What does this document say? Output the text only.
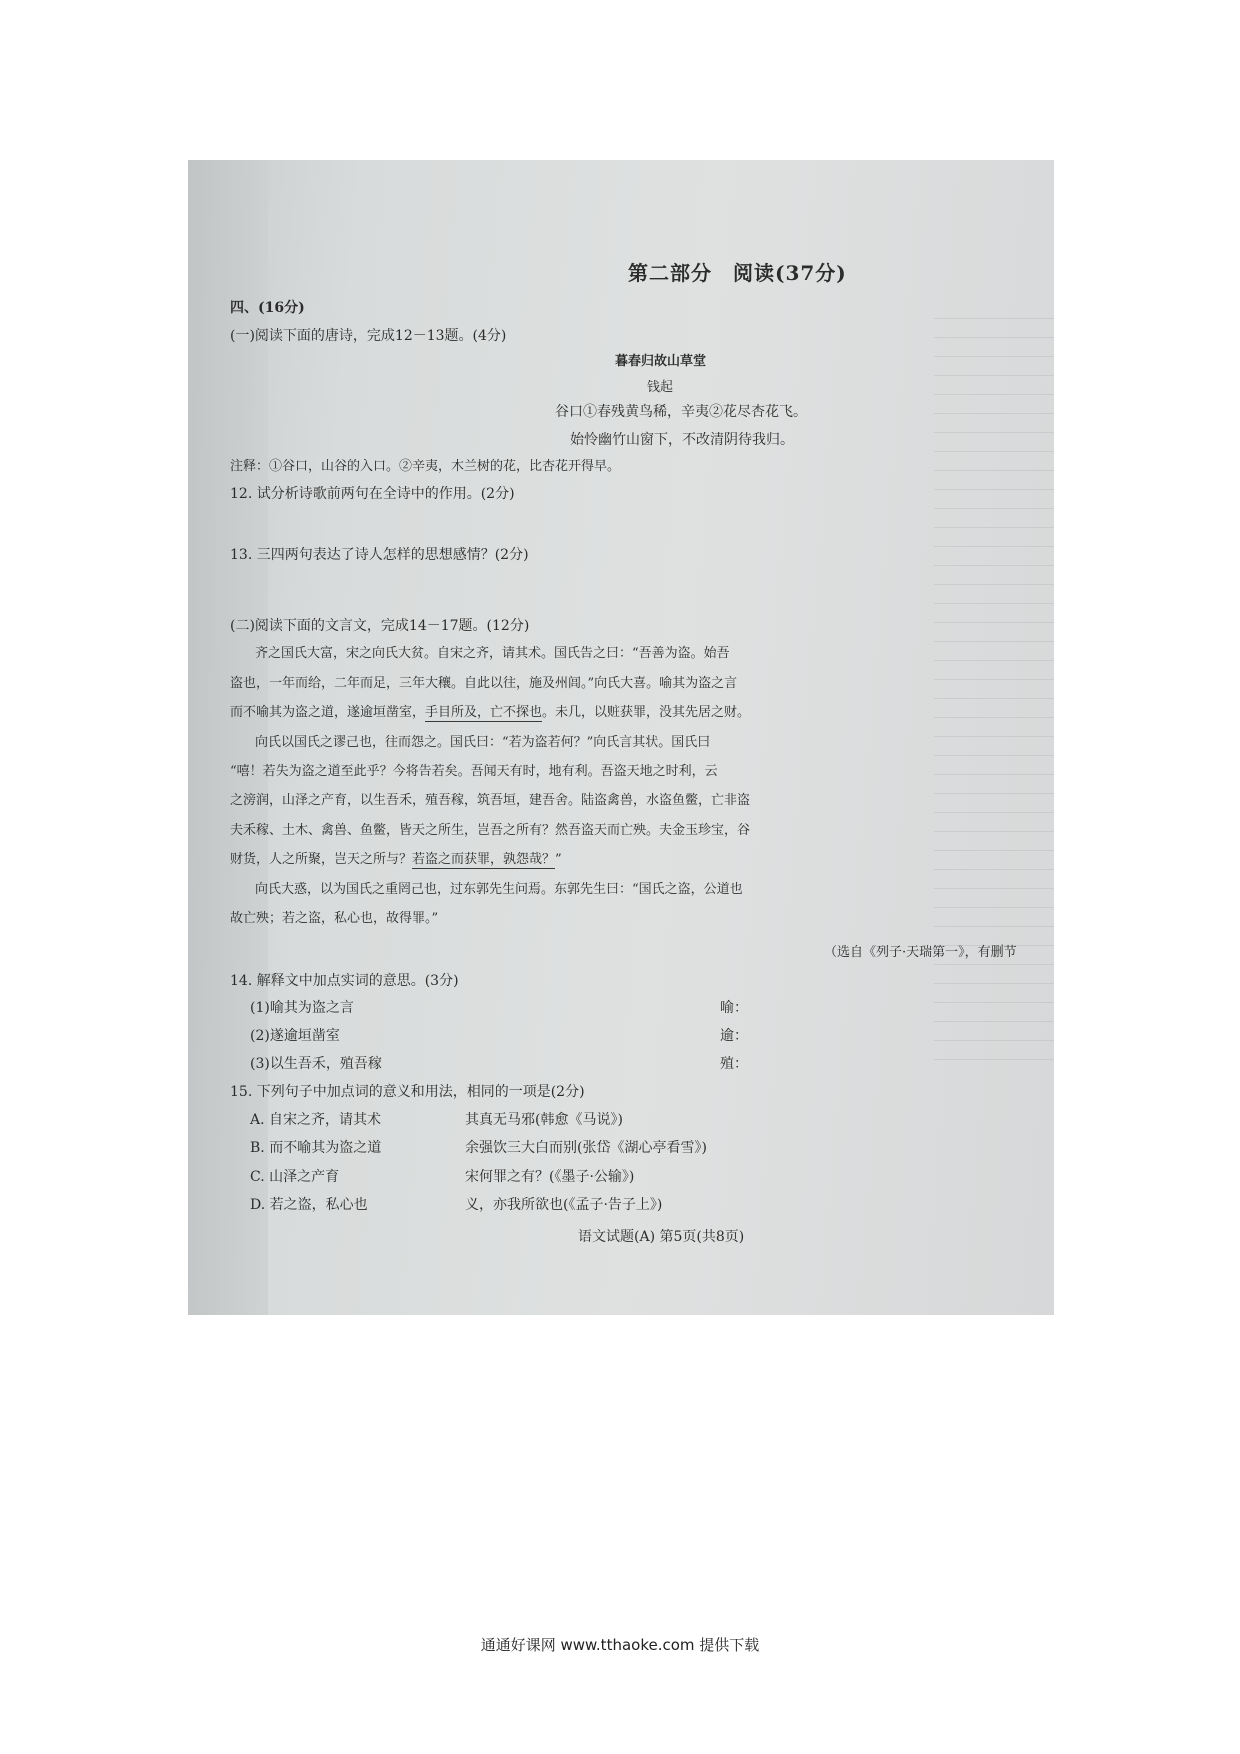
第二部分　阅读(37分)
四、(16分)
(一)阅读下面的唐诗，完成12－13题。(4分)
暮春归故山草堂
钱起
谷口①春残黄鸟稀，辛夷②花尽杏花飞。
始怜幽竹山窗下，不改清阴待我归。
注释：①谷口，山谷的入口。②辛夷，木兰树的花，比杏花开得早。
12. 试分析诗歌前两句在全诗中的作用。(2分)
13. 三四两句表达了诗人怎样的思想感情？(2分)
(二)阅读下面的文言文，完成14－17题。(12分)
齐之国氏大富，宋之向氏大贫。自宋之齐，请其术。国氏告之曰：“吾善为盗。始吾
盗也，一年而给，二年而足，三年大穰。自此以往，施及州闾。”向氏大喜。喻其为盗之言
而不喻其为盗之道，遂逾垣凿室，手目所及，亡不探也。未几，以赃获罪，没其先居之财。
向氏以国氏之谬己也，往而怨之。国氏曰：“若为盗若何？”向氏言其状。国氏曰
“嘻！若失为盗之道至此乎？今将告若矣。吾闻天有时，地有利。吾盗天地之时利，云
之滂润，山泽之产育，以生吾禾，殖吾稼，筑吾垣，建吾舍。陆盗禽兽，水盗鱼鳖，亡非盗
夫禾稼、土木、禽兽、鱼鳖，皆天之所生，岂吾之所有？然吾盗天而亡殃。夫金玉珍宝，谷
财货，人之所聚，岂天之所与？若盗之而获罪，孰怨哉？”
向氏大惑，以为国氏之重罔己也，过东郭先生问焉。东郭先生曰：“国氏之盗，公道也
故亡殃；若之盗，私心也，故得罪。”
（选自《列子·天瑞第一》，有删节
14. 解释文中加点实词的意思。(3分)
(1)喻其为盗之言	喻：
(2)遂逾垣凿室	逾：
(3)以生吾禾，殖吾稼	殖：
15. 下列句子中加点词的意义和用法，相同的一项是(2分)
A. 自宋之齐，请其术	其真无马邪(韩愈《马说》)
B. 而不喻其为盗之道	余强饮三大白而别(张岱《湖心亭看雪》)
C. 山泽之产育	宋何罪之有？(《墨子·公输》)
D. 若之盗，私心也	义，亦我所欲也(《孟子·告子上》)
语文试题(A) 第5页(共8页)
通通好课网 www.tthaoke.com 提供下载
